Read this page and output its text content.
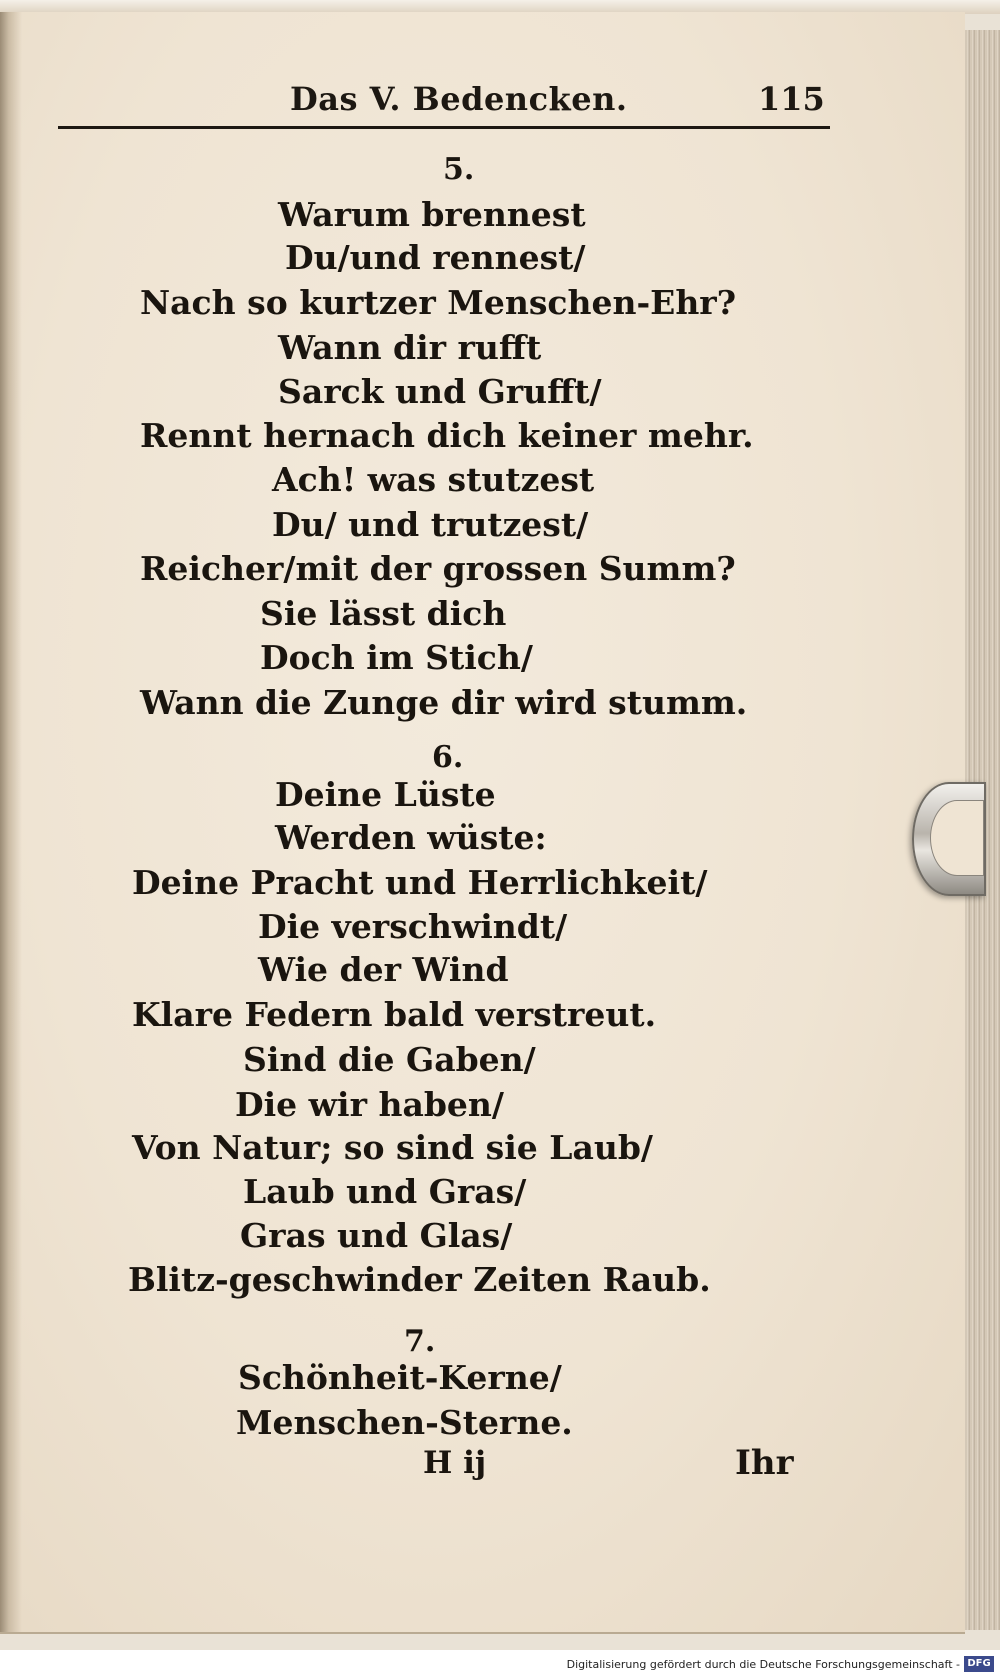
Das V. Bedencken.	115
5.
Warum brennest
Du/und rennest/
Nach so kurtzer Menschen-Ehr?
Wann dir rufft
Sarck und Grufft/
Rennt hernach dich keiner mehr.
Ach! was stutzest
Du/ und trutzest/
Reicher/mit der grossen Summ?
Sie lässt dich
Doch im Stich/
Wann die Zunge dir wird stumm.
6.
Deine Lüste
Werden wüste:
Deine Pracht und Herrlichkeit/
Die verschwindt/
Wie der Wind
Klare Federn bald verstreut.
Sind die Gaben/
Die wir haben/
Von Natur; so sind sie Laub/
Laub und Gras/
Gras und Glas/
Blitz-geschwinder Zeiten Raub.
7.
Schönheit-Kerne/
Menschen-Sterne.
H ij	Ihr
Digitalisierung gefördert durch die Deutsche Forschungsgemeinschaft - DFG
